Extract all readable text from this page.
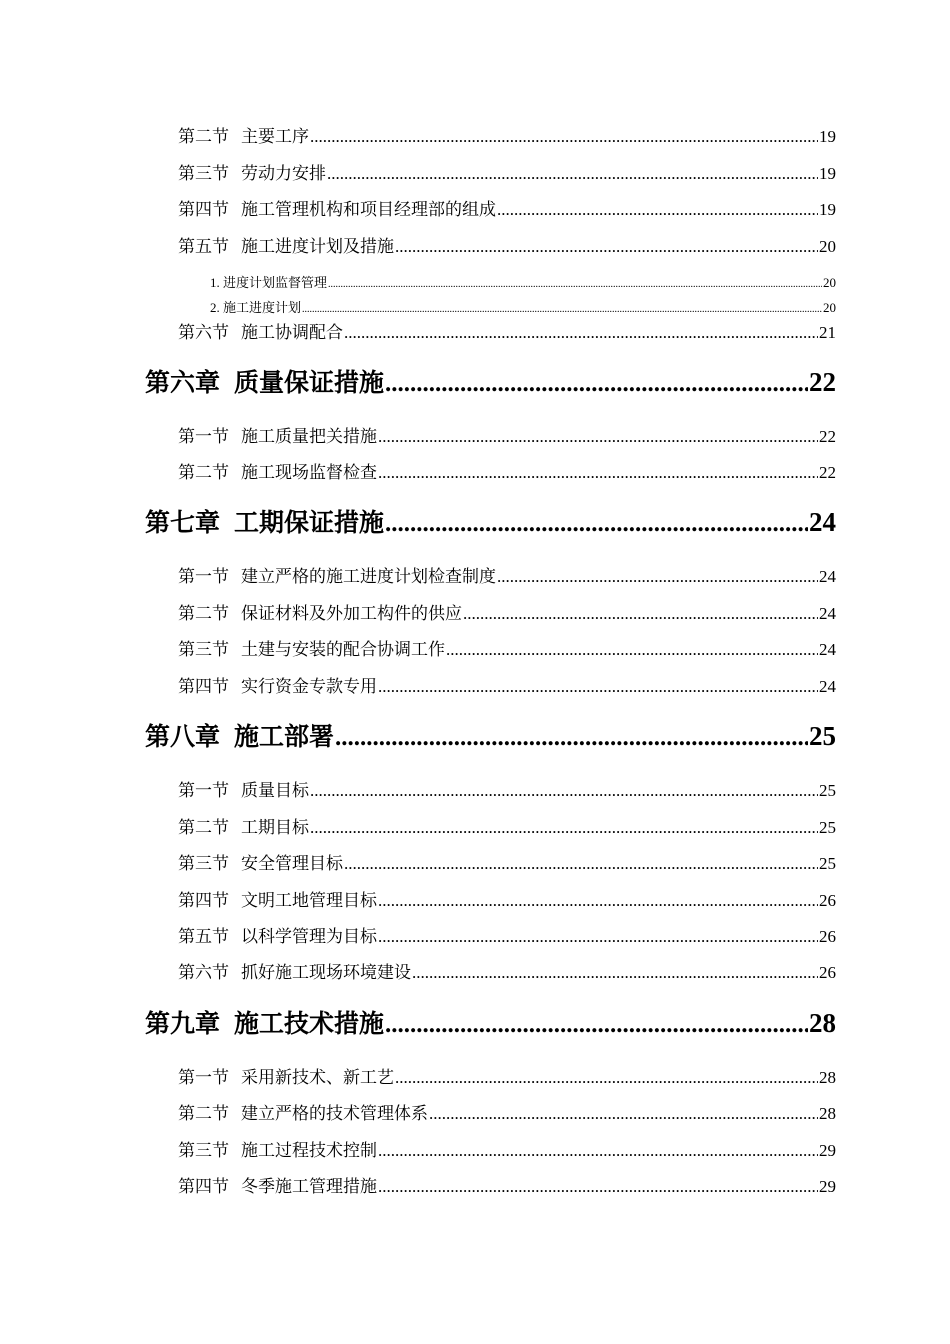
第二节 主要工序 .....	19
第三节 劳动力安排 .....	19
第四节 施工管理机构和项目经理部的组成 .....	19
第五节 施工进度计划及措施 .....	20
1. 进度计划监督管理 .....	20
2. 施工进度计划 .....	20
第六节 施工协调配合 .....	21
第六章 质量保证措施 .....	22
第一节 施工质量把关措施 .....	22
第二节 施工现场监督检查 .....	22
第七章 工期保证措施 .....	24
第一节 建立严格的施工进度计划检查制度 .....	24
第二节 保证材料及外加工构件的供应 .....	24
第三节 土建与安装的配合协调工作 .....	24
第四节 实行资金专款专用 .....	24
第八章 施工部署 .....	25
第一节 质量目标 .....	25
第二节 工期目标 .....	25
第三节 安全管理目标 .....	25
第四节 文明工地管理目标 .....	26
第五节 以科学管理为目标 .....	26
第六节 抓好施工现场环境建设 .....	26
第九章 施工技术措施 .....	28
第一节 采用新技术、新工艺 .....	28
第二节 建立严格的技术管理体系 .....	28
第三节 施工过程技术控制 .....	29
第四节 冬季施工管理措施 .....	29
